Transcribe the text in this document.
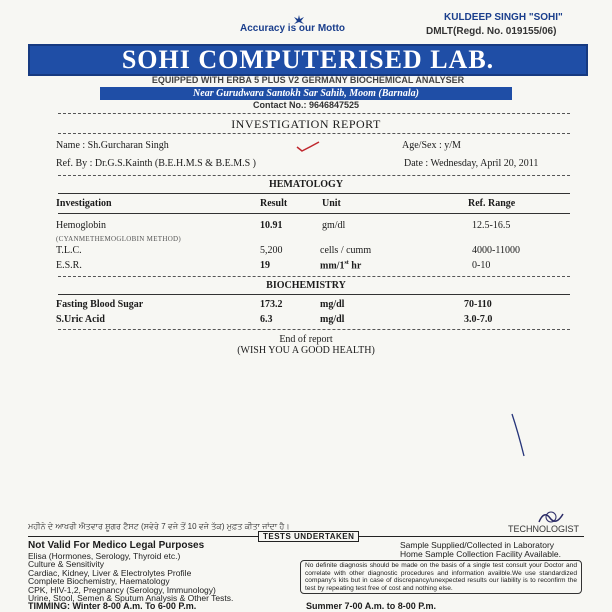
Accuracy is our Motto
KULDEEP SINGH "SOHI"
DMLT(Regd. No. 019155/06)
SOHI COMPUTERISED LAB.
EQUIPPED WITH ERBA 5 PLUS V2 GERMANY BIOCHEMICAL ANALYSER
Near Gurudwara Santokh Sar Sahib, Moom (Barnala)
Contact No.: 9646847525
INVESTIGATION REPORT
Name : Sh.Gurcharan Singh	Age/Sex : y/M
Ref. By : Dr.G.S.Kainth (B.E.H.M.S & B.E.M.S )	Date : Wednesday, April 20, 2011
HEMATOLOGY
Investigation	Result	Unit	Ref. Range
Hemoglobin	10.91	gm/dl	12.5-16.5
(CYANMETHEMOGLOBIN METHOD)
T.L.C.	5,200	cells / cumm	4000-11000
E.S.R.	19	mm/1st hr	0-10
BIOCHEMISTRY
Fasting Blood Sugar	173.2	mg/dl	70-110
S.Uric Acid	6.3	mg/dl	3.0-7.0
End of report
(WISH YOU A GOOD HEALTH)
ਮਹੀਨੇ ਦੇ ਆਖਰੀ ਐਤਵਾਰ ਸ਼ੂਗਰ ਟੈਸਟ (ਸਵੇਰੇ 7 ਵਜੇ ਤੋਂ 10 ਵਜੇ ਤੱਕ) ਮੁਫ਼ਤ ਕੀਤਾ ਜਾਂਦਾ ਹੈ।	TECHNOLOGIST
TESTS UNDERTAKEN
Not Valid For Medico Legal Purposes
Elisa (Hormones, Serology, Thyroid etc.)
Culture & Sensitivity
Cardiac, Kidney, Liver & Electrolytes Profile
Complete Biochemistry, Haematology
CPK, HIV-1,2, Pregnancy (Serology, Immunology)
Urine, Stool, Semen & Sputum Analysis & Other Tests.
TIMMING: Winter 8-00 A.m. To 6-00 P.m.
Sample Supplied/Collected in Laboratory
Home Sample Collection Facility Available.
No definite diagnosis should be made on the basis of a single test consult your Doctor and correlate with other diagnostic procedures and information availble.We use standardized company's kits but in case of discrepancy/unexpected results our liability is to reconfirm the test by repeating test free of cost and nothing else.
Summer 7-00 A.m. to 8-00 P.m.
